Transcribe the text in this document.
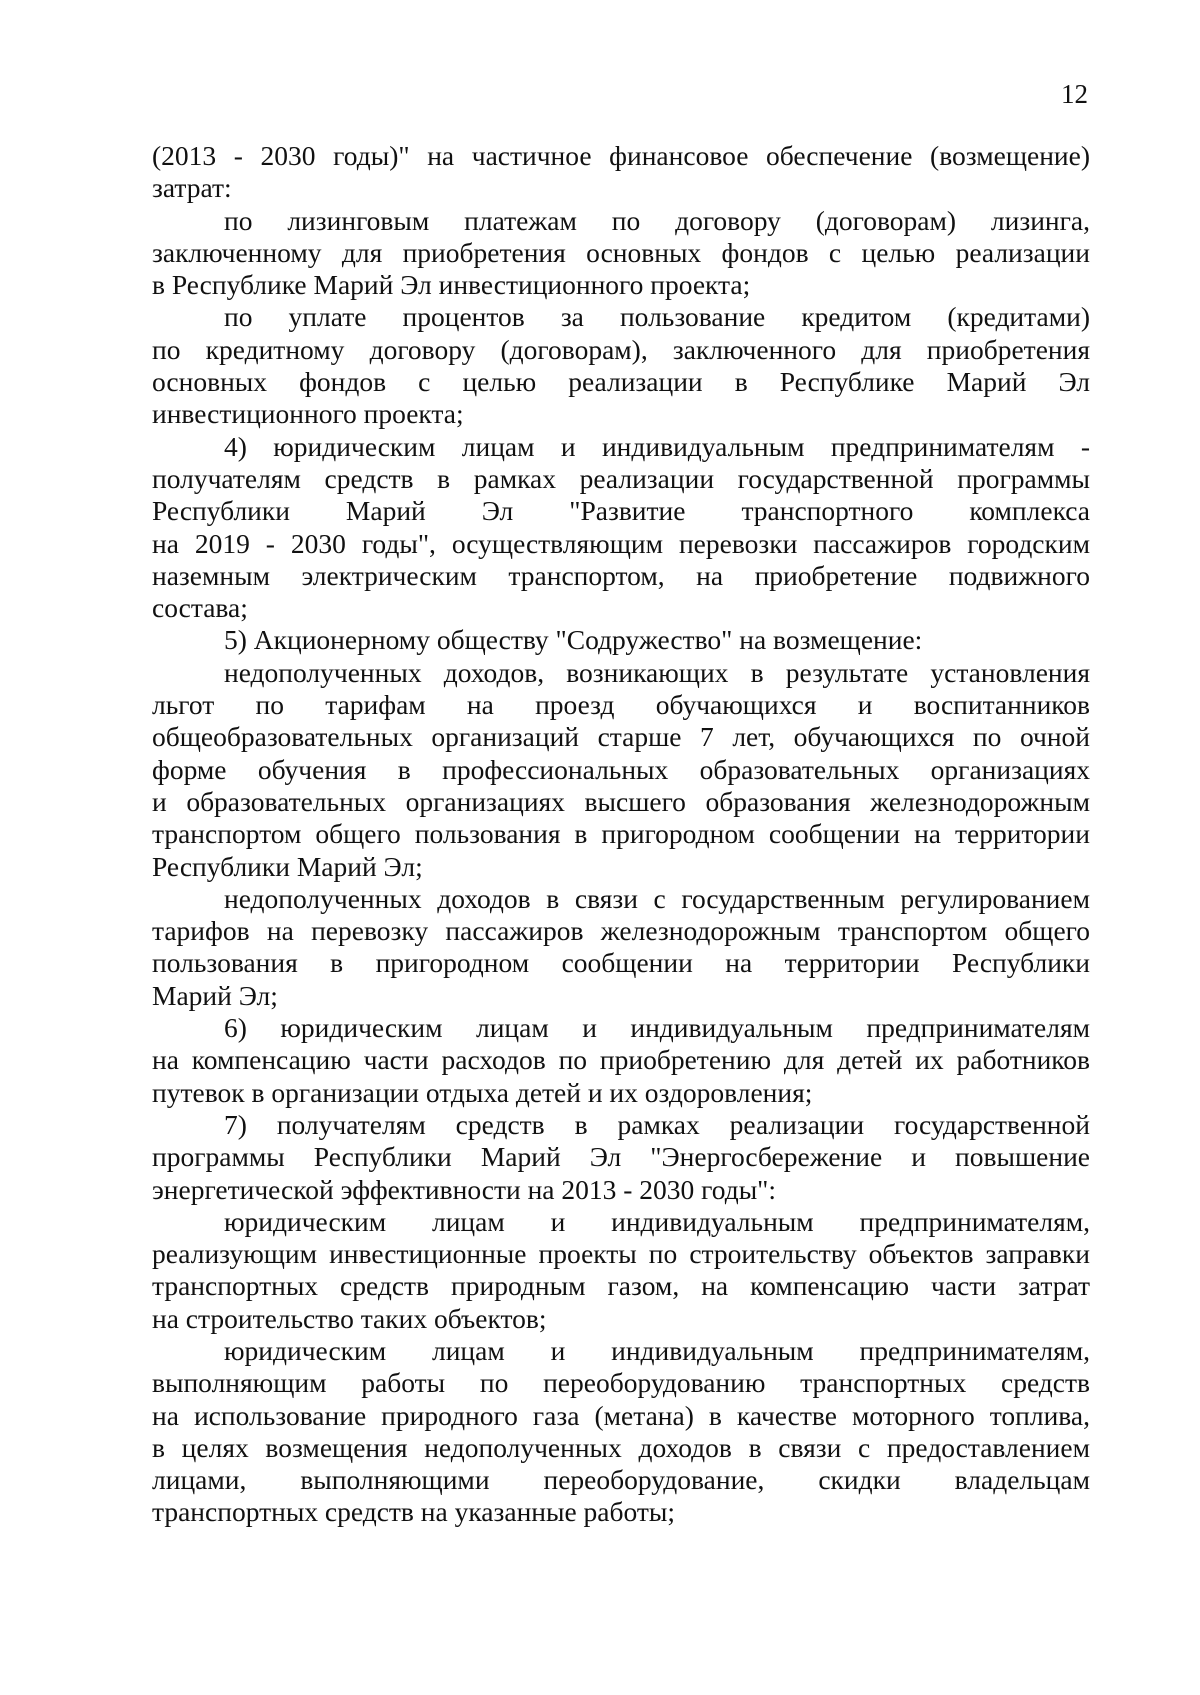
12
(2013 - 2030 годы)" на частичное финансовое обеспечение (возмещение)
затрат:
по лизинговым платежам по договору (договорам) лизинга,
заключенному для приобретения основных фондов с целью реализации
в Республике Марий Эл инвестиционного проекта;
по уплате процентов за пользование кредитом (кредитами)
по кредитному договору (договорам), заключенного для приобретения
основных фондов с целью реализации в Республике Марий Эл
инвестиционного проекта;
4) юридическим лицам и индивидуальным предпринимателям -
получателям средств в рамках реализации государственной программы
Республики Марий Эл "Развитие транспортного комплекса
на 2019 - 2030 годы", осуществляющим перевозки пассажиров городским
наземным электрическим транспортом, на приобретение подвижного
состава;
5) Акционерному обществу "Содружество" на возмещение:
недополученных доходов, возникающих в результате установления
льгот по тарифам на проезд обучающихся и воспитанников
общеобразовательных организаций старше 7 лет, обучающихся по очной
форме обучения в профессиональных образовательных организациях
и образовательных организациях высшего образования железнодорожным
транспортом общего пользования в пригородном сообщении на территории
Республики Марий Эл;
недополученных доходов в связи с государственным регулированием
тарифов на перевозку пассажиров железнодорожным транспортом общего
пользования в пригородном сообщении на территории Республики
Марий Эл;
6) юридическим лицам и индивидуальным предпринимателям
на компенсацию части расходов по приобретению для детей их работников
путевок в организации отдыха детей и их оздоровления;
7) получателям средств в рамках реализации государственной
программы Республики Марий Эл "Энергосбережение и повышение
энергетической эффективности на 2013 - 2030 годы":
юридическим лицам и индивидуальным предпринимателям,
реализующим инвестиционные проекты по строительству объектов заправки
транспортных средств природным газом, на компенсацию части затрат
на строительство таких объектов;
юридическим лицам и индивидуальным предпринимателям,
выполняющим работы по переоборудованию транспортных средств
на использование природного газа (метана) в качестве моторного топлива,
в целях возмещения недополученных доходов в связи с предоставлением
лицами, выполняющими переоборудование, скидки владельцам
транспортных средств на указанные работы;
